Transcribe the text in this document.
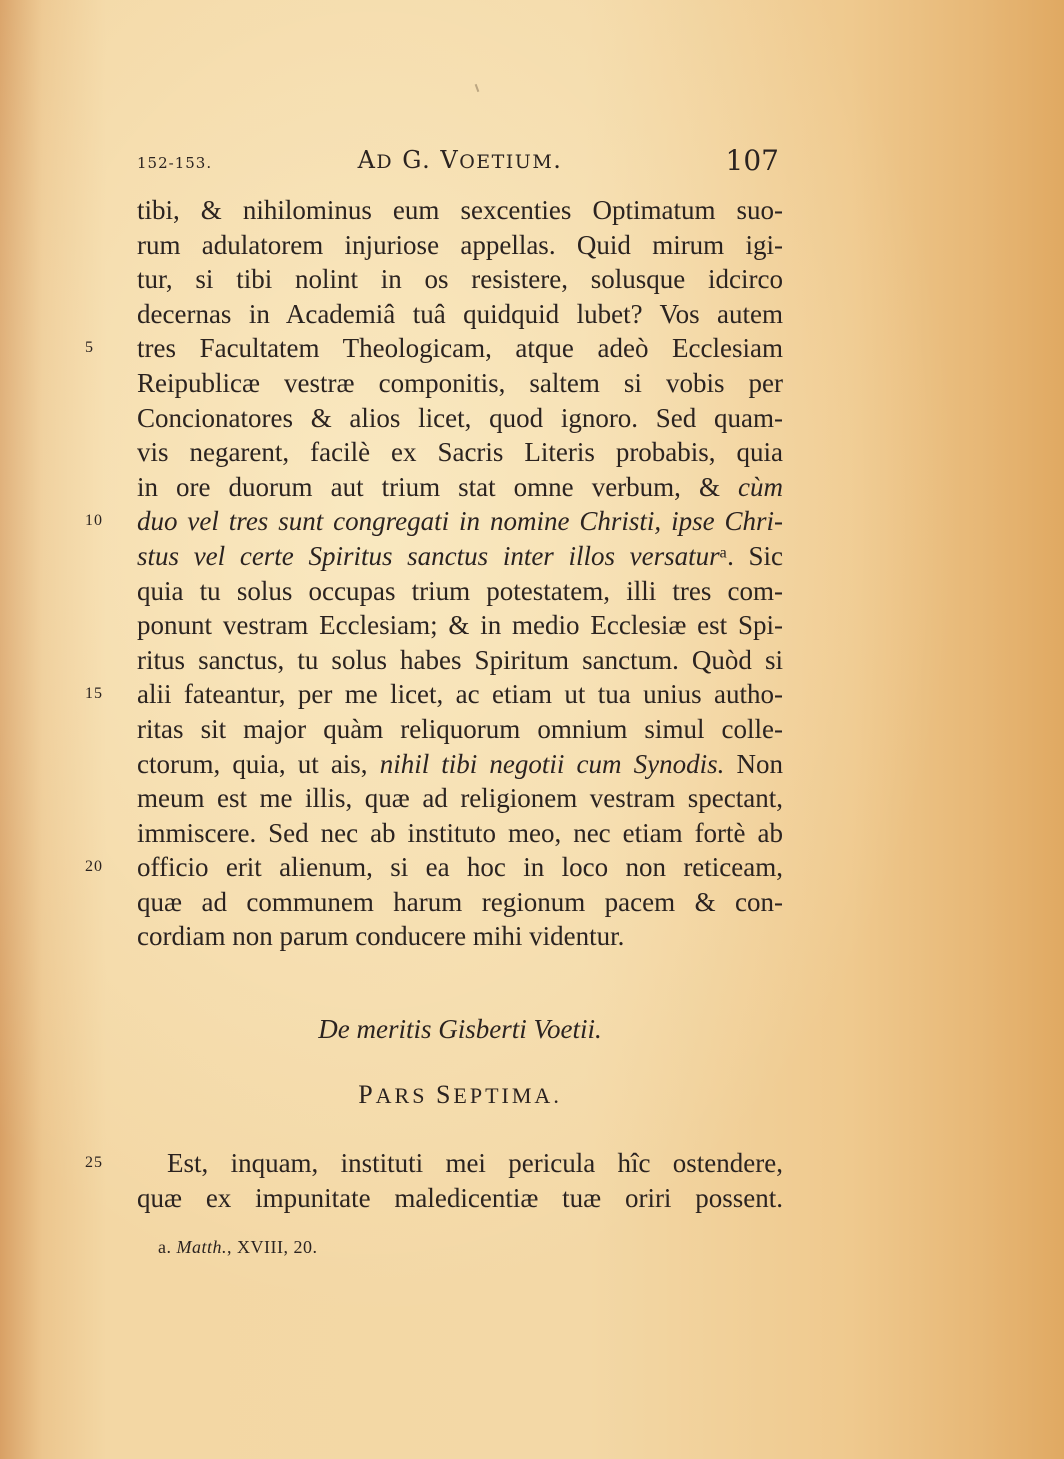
152-153.	AD G. VOETIUM.	107
tibi, & nihilominus eum sexcenties Optimatum suo-
rum adulatorem injuriose appellas. Quid mirum igi-
tur, si tibi nolint in os resistere, solusque idcirco
decernas in Academiâ tuâ quidquid lubet? Vos autem
5	tres Facultatem Theologicam, atque adeò Ecclesiam
Reipublicæ vestræ componitis, saltem si vobis per
Concionatores & alios licet, quod ignoro. Sed quam-
vis negarent, facilè ex Sacris Literis probabis, quia
in ore duorum aut trium stat omne verbum, & cùm
10	duo vel tres sunt congregati in nomine Christi, ipse Chri-
stus vel certe Spiritus sanctus inter illos versaturᵃ. Sic
quia tu solus occupas trium potestatem, illi tres com-
ponunt vestram Ecclesiam; & in medio Ecclesiæ est Spi-
ritus sanctus, tu solus habes Spiritum sanctum. Quòd si
15	alii fateantur, per me licet, ac etiam ut tua unius autho-
ritas sit major quàm reliquorum omnium simul colle-
ctorum, quia, ut ais, nihil tibi negotii cum Synodis. Non
meum est me illis, quæ ad religionem vestram spectant,
immiscere. Sed nec ab instituto meo, nec etiam fortè ab
20	officio erit alienum, si ea hoc in loco non reticeam,
quæ ad communem harum regionum pacem & con-
cordiam non parum conducere mihi videntur.
De meritis Gisberti Voetii.
PARS SEPTIMA.
25	Est, inquam, instituti mei pericula hîc ostendere,
quæ ex impunitate maledicentiæ tuæ oriri possent.
a. Matth., XVIII, 20.
